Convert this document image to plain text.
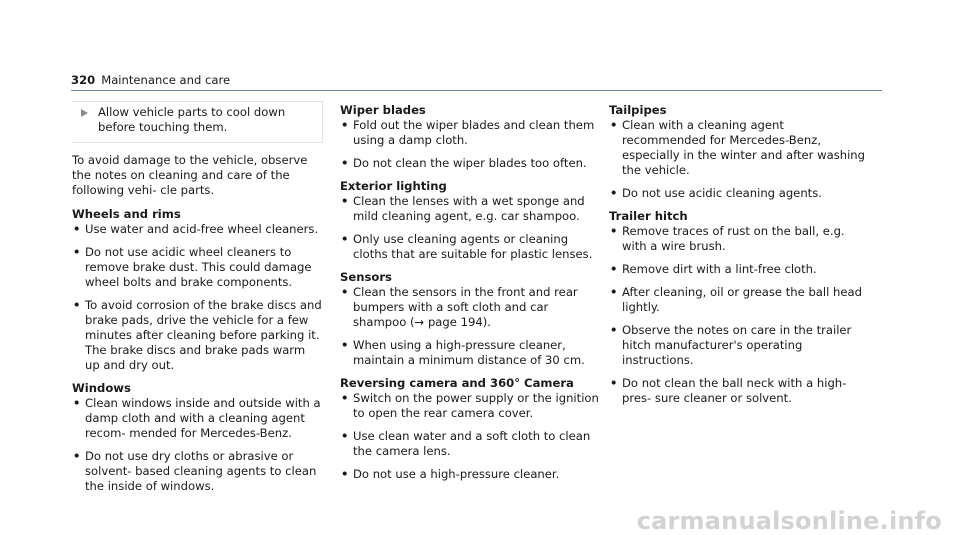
320 Maintenance and care
Allow vehicle parts to cool down before touching them.

To avoid damage to the vehicle, observe the notes on cleaning and care of the following vehi- cle parts.

Wheels and rims
• Use water and acid-free wheel cleaners.
• Do not use acidic wheel cleaners to remove brake dust. This could damage wheel bolts and brake components.
• To avoid corrosion of the brake discs and brake pads, drive the vehicle for a few minutes after cleaning before parking it. The brake discs and brake pads warm up and dry out.
Windows
• Clean windows inside and outside with a damp cloth and with a cleaning agent recom- mended for Mercedes-Benz.
• Do not use dry cloths or abrasive or solvent- based cleaning agents to clean the inside of windows.
Wiper blades
• Fold out the wiper blades and clean them using a damp cloth.
• Do not clean the wiper blades too often.
Exterior lighting
• Clean the lenses with a wet sponge and mild cleaning agent, e.g. car shampoo.
• Only use cleaning agents or cleaning cloths that are suitable for plastic lenses.
Sensors
• Clean the sensors in the front and rear bumpers with a soft cloth and car shampoo (→ page 194).
• When using a high-pressure cleaner, maintain a minimum distance of 30 cm.
Reversing camera and 360° Camera
• Switch on the power supply or the ignition to open the rear camera cover.
• Use clean water and a soft cloth to clean the camera lens.
• Do not use a high-pressure cleaner.
Tailpipes
• Clean with a cleaning agent recommended for Mercedes-Benz, especially in the winter and after washing the vehicle.
• Do not use acidic cleaning agents.
Trailer hitch
• Remove traces of rust on the ball, e.g. with a wire brush.
• Remove dirt with a lint-free cloth.
• After cleaning, oil or grease the ball head lightly.
• Observe the notes on care in the trailer hitch manufacturer's operating instructions.
• Do not clean the ball neck with a high-pres- sure cleaner or solvent.
carmanualsonline.info
